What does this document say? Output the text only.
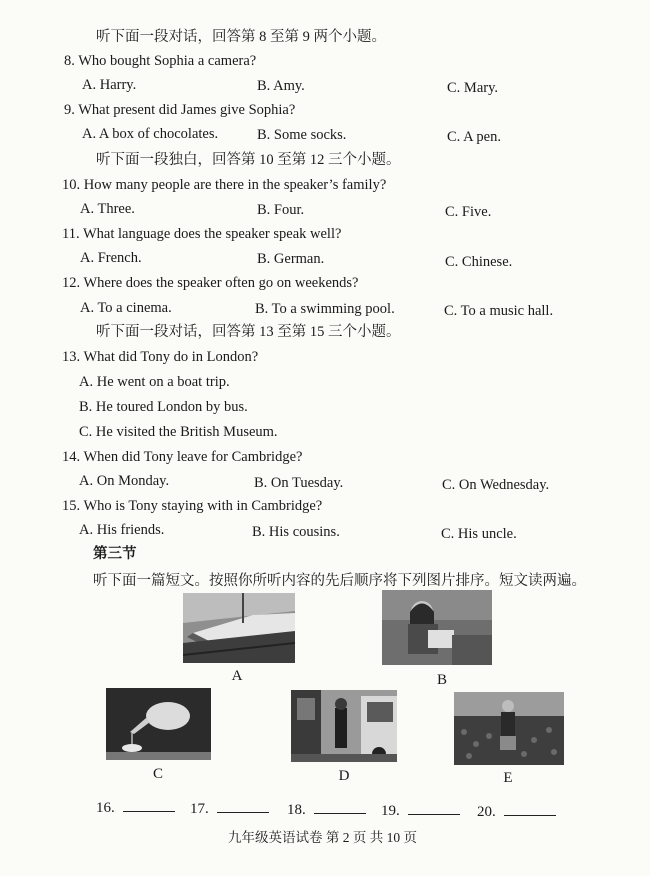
听下面一段对话，回答第 8 至第 9 两个小题。
8. Who bought Sophia a camera?
A. Harry.	B. Amy.	C. Mary.
9. What present did James give Sophia?
A. A box of chocolates.	B. Some socks.	C. A pen.
听下面一段独白，回答第 10 至第 12 三个小题。
10. How many people are there in the speaker’s family?
A. Three.	B. Four.	C. Five.
11. What language does the speaker speak well?
A. French.	B. German.	C. Chinese.
12. Where does the speaker often go on weekends?
A. To a cinema.	B. To a swimming pool.	C. To a music hall.
听下面一段对话，回答第 13 至第 15 三个小题。
13. What did Tony do in London?
A. He went on a boat trip.
B. He toured London by bus.
C. He visited the British Museum.
14. When did Tony leave for Cambridge?
A. On Monday.	B. On Tuesday.	C. On Wednesday.
15. Who is Tony staying with in Cambridge?
A. His friends.	B. His cousins.	C. His uncle.
第三节
听下面一篇短文。按照你所听内容的先后顺序将下列图片排序。短文读两遍。
A	B
C	D	E
16.	17.	18.	19.	20.
九年级英语试卷 第 2 页 共 10 页
